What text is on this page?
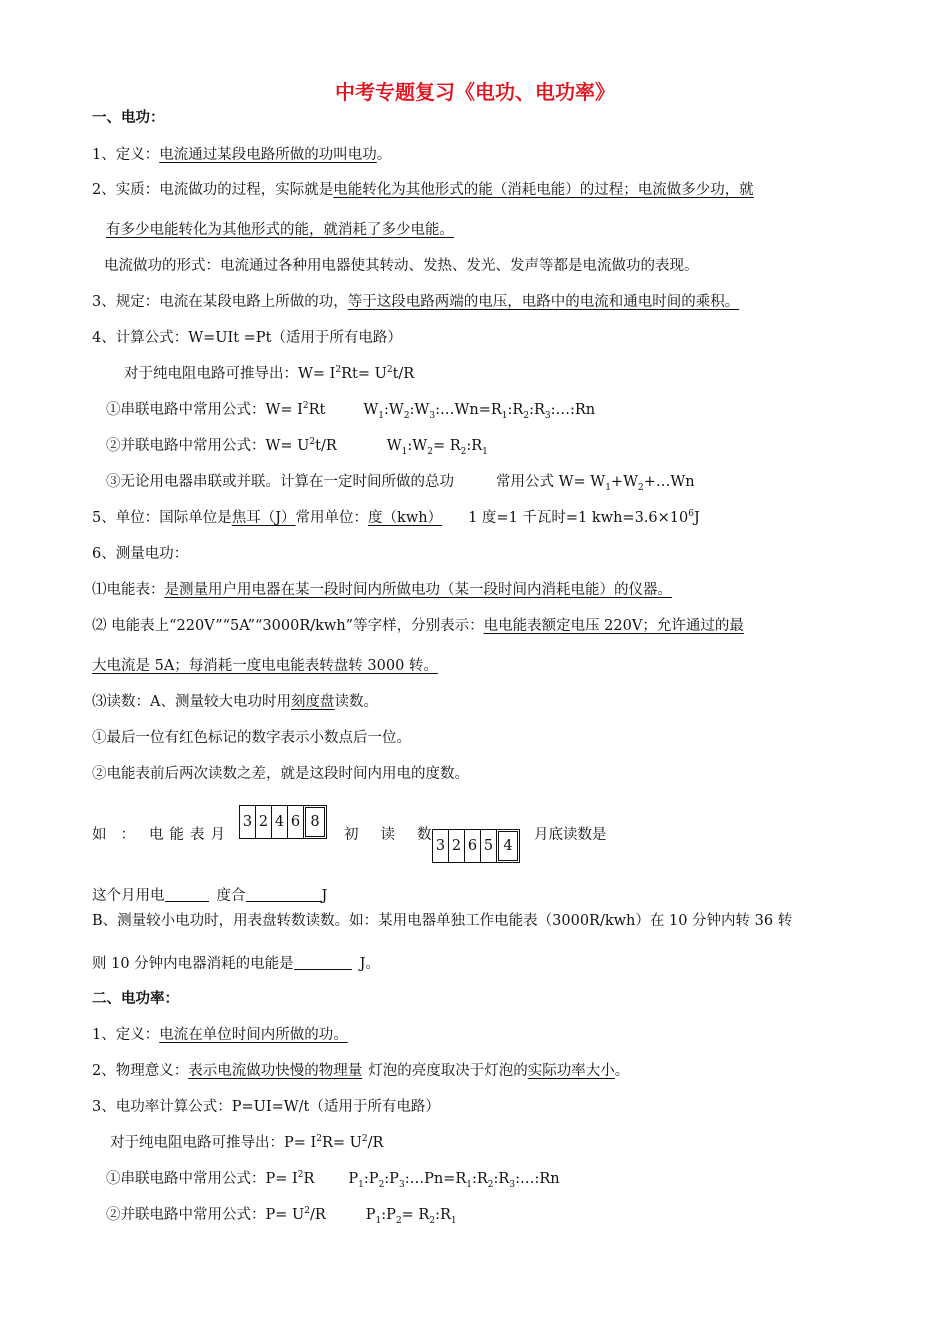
中考专题复习《电功、电功率》
一、电功：
1、定义：电流通过某段电路所做的功叫电功。
2、实质：电流做功的过程，实际就是电能转化为其他形式的能（消耗电能）的过程；电流做多少功，就
有多少电能转化为其他形式的能，就消耗了多少电能。
电流做功的形式：电流通过各种用电器使其转动、发热、发光、发声等都是电流做功的表现。
3、规定：电流在某段电路上所做的功，等于这段电路两端的电压，电路中的电流和通电时间的乘积。
4、计算公式：W=UIt =Pt（适用于所有电路）
对于纯电阻电路可推导出：$W= I^2Rt= U^2t/R$
①串联电路中常用公式：$W= I^2Rt$	$W_1:W_2:W_3:\dots Wn=R_1:R_2:R_3:\dots:Rn$
②并联电路中常用公式：$W= U^2t/R$	$W_1:W_2=$ $R_2:R_1$
③无论用电器串联或并联。计算在一定时间所做的总功	常用公式 $W= W_1+W_2+\dots Wn$
5、单位：国际单位是焦耳（J）常用单位：度（kwh） 1 度=1 千瓦时=1 $kwh=3.6\times 10^6J$
6、测量电功：
⑴电能表：是测量用户用电器在某一段时间内所做电功（某一段时间内消耗电能）的仪器。
⑵ 电能表上“220V”“5A”“3000R/kwh”等字样，分别表示：电电能表额定电压 220V；允许通过的最
大电流是 5A；每消耗一度电电能表转盘转 3000 转。
⑶读数：A、测量较大电功时用刻度盘读数。
①最后一位有红色标记的数字表示小数点后一位。
②电能表前后两次读数之差，就是这段时间内用电的度数。
如 ： 电 能 表 月
3 2 4 6 8
初 读 数
3 2 6 5 4
月底读数是
这个月用电	度合	J
B、测量较小电功时，用表盘转数读数。如：某用电器单独工作电能表（3000R/kwh）在 10 分钟内转 36 转
则 10 分钟内电器消耗的电能是	J。
二、电功率：
1、定义：电流在单位时间内所做的功。
2、物理意义：表示电流做功快慢的物理量 灯泡的亮度取决于灯泡的实际功率大小。
3、电功率计算公式：P=UI=W/t（适用于所有电路）
对于纯电阻电路可推导出：$P= I^2R= U^2/R$
①串联电路中常用公式：$P= I^2R$ $P_1:P_2:P_3:\dots Pn=R_1:R_2:R_3:\dots:Rn$
②并联电路中常用公式：$P= U^2/R$	$P_1:P_2=$ $R_2:R_1$
